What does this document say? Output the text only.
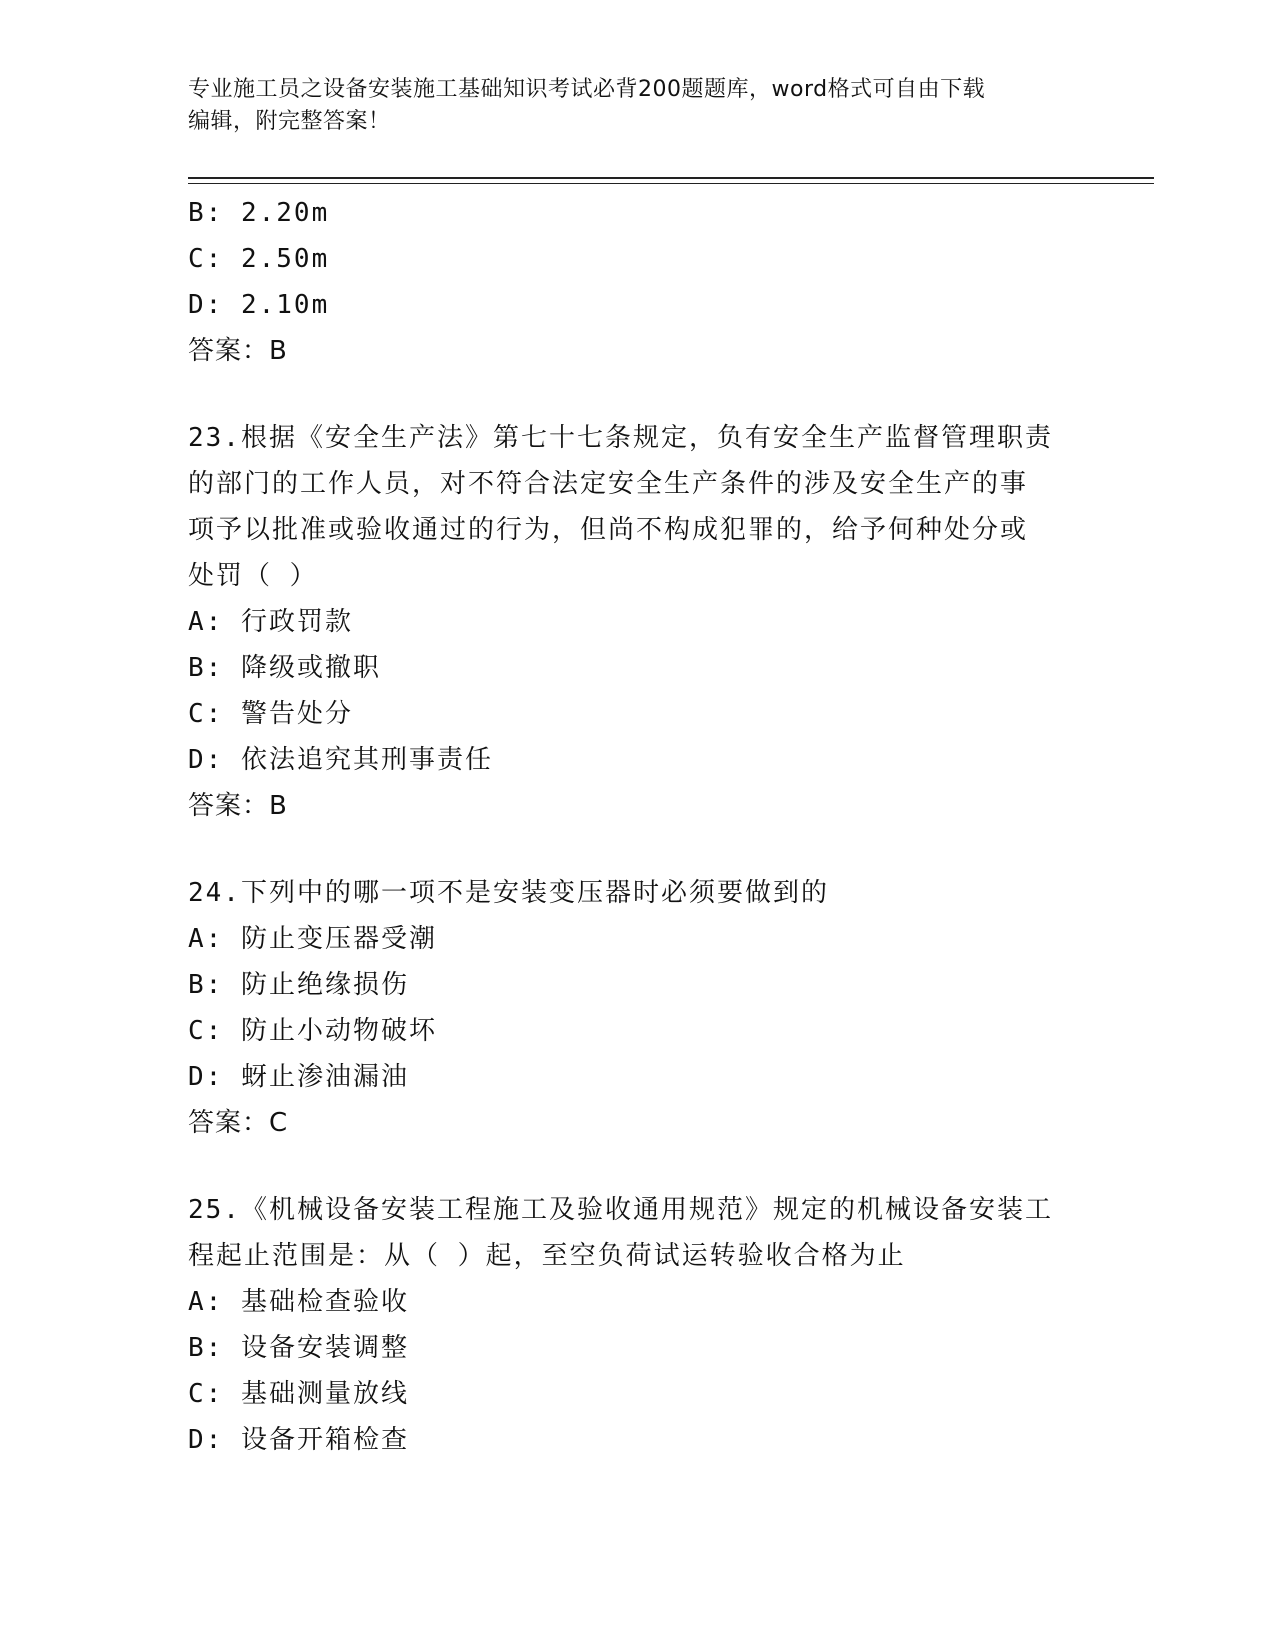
专业施工员之设备安装施工基础知识考试必背200题题库，word格式可自由下载
编辑，附完整答案！
B: 2.20m
C: 2.50m
D: 2.10m
答案：B
23.根据《安全生产法》第七十七条规定，负有安全生产监督管理职责
的部门的工作人员，对不符合法定安全生产条件的涉及安全生产的事
项予以批准或验收通过的行为，但尚不构成犯罪的，给予何种处分或
处罚（ ）
A: 行政罚款
B: 降级或撤职
C: 警告处分
D: 依法追究其刑事责任
答案：B
24.下列中的哪一项不是安装变压器时必须要做到的
A: 防止变压器受潮
B: 防止绝缘损伤
C: 防止小动物破坏
D: 蚜止渗油漏油
答案：C
25.《机械设备安装工程施工及验收通用规范》规定的机械设备安装工
程起止范围是：从（ ）起，至空负荷试运转验收合格为止
A: 基础检查验收
B: 设备安装调整
C: 基础测量放线
D: 设备开箱检查
